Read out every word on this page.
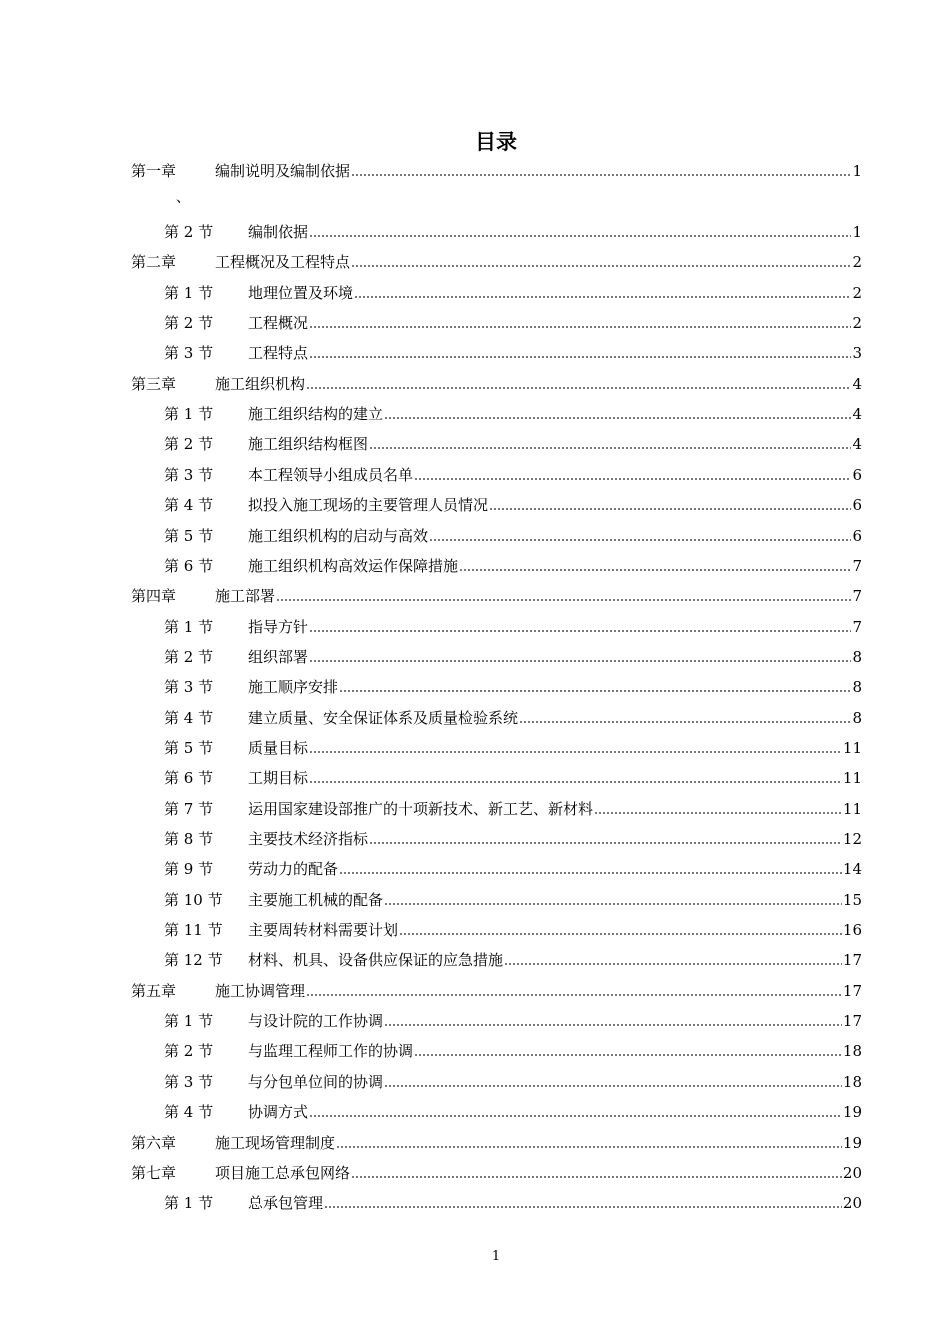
目录
、
第一章	编制说明及编制依据	1
第 2 节	编制依据	1
第二章	工程概况及工程特点	2
第 1 节	地理位置及环境	2
第 2 节	工程概况	2
第 3 节	工程特点	3
第三章	施工组织机构	4
第 1 节	施工组织结构的建立	4
第 2 节	施工组织结构框图	4
第 3 节	本工程领导小组成员名单	6
第 4 节	拟投入施工现场的主要管理人员情况	6
第 5 节	施工组织机构的启动与高效	6
第 6 节	施工组织机构高效运作保障措施	7
第四章	施工部署	7
第 1 节	指导方针	7
第 2 节	组织部署	8
第 3 节	施工顺序安排	8
第 4 节	建立质量、安全保证体系及质量检验系统	8
第 5 节	质量目标	11
第 6 节	工期目标	11
第 7 节	运用国家建设部推广的十项新技术、新工艺、新材料	11
第 8 节	主要技术经济指标	12
第 9 节	劳动力的配备	14
第 10 节	主要施工机械的配备	15
第 11 节	主要周转材料需要计划	16
第 12 节	材料、机具、设备供应保证的应急措施	17
第五章	施工协调管理	17
第 1 节	与设计院的工作协调	17
第 2 节	与监理工程师工作的协调	18
第 3 节	与分包单位间的协调	18
第 4 节	协调方式	19
第六章	施工现场管理制度	19
第七章	项目施工总承包网络	20
第 1 节	总承包管理	20
1
